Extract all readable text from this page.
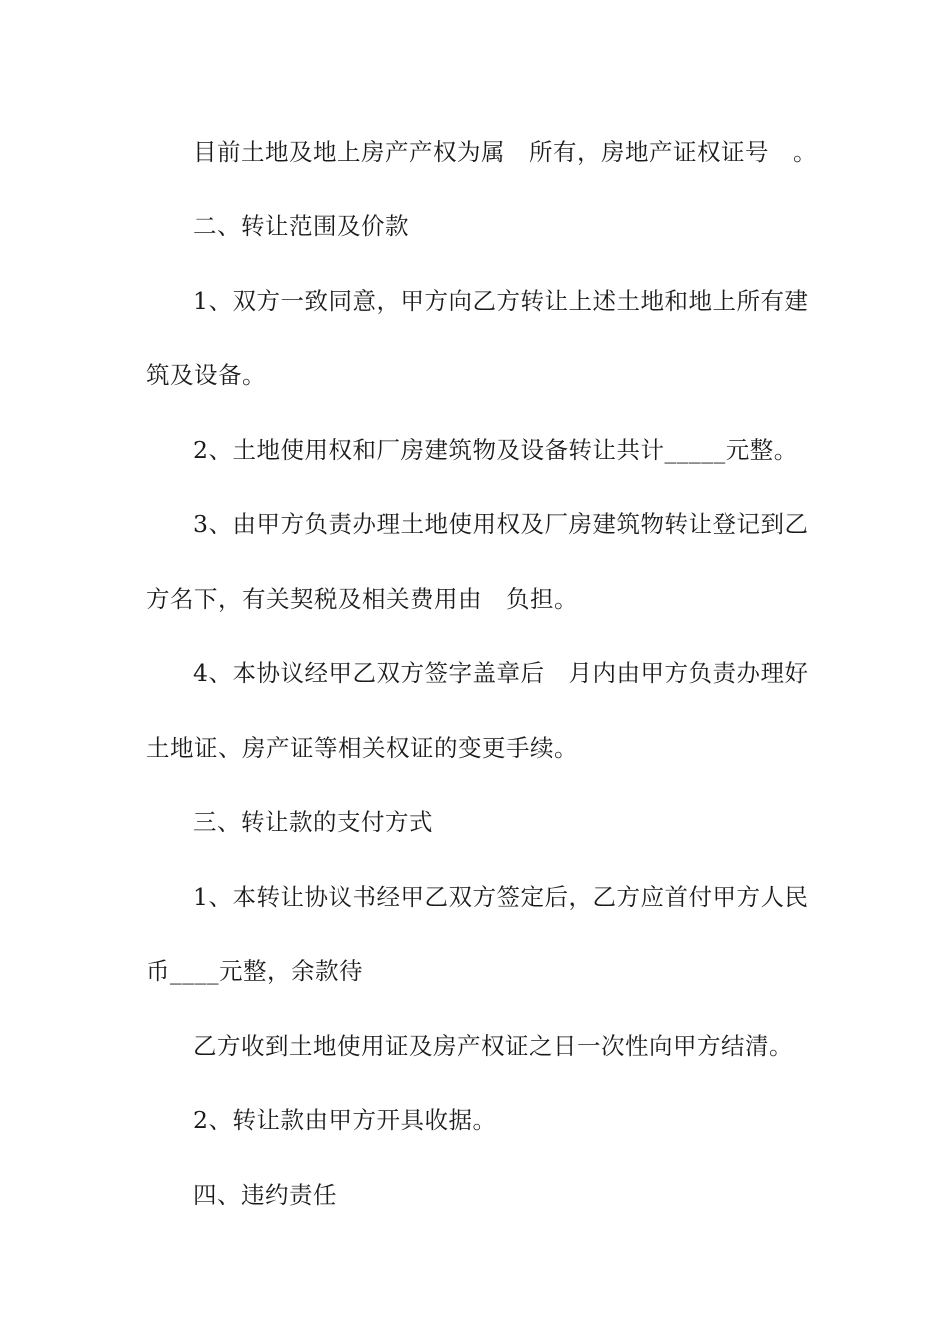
目前土地及地上房产产权为属　所有，房地产证权证号　。
二、转让范围及价款
1、双方一致同意，甲方向乙方转让上述土地和地上所有建
筑及设备。
2、土地使用权和厂房建筑物及设备转让共计_____元整。
3、由甲方负责办理土地使用权及厂房建筑物转让登记到乙
方名下，有关契税及相关费用由　负担。
4、本协议经甲乙双方签字盖章后　月内由甲方负责办理好
土地证、房产证等相关权证的变更手续。
三、转让款的支付方式
1、本转让协议书经甲乙双方签定后，乙方应首付甲方人民
币____元整，余款待
乙方收到土地使用证及房产权证之日一次性向甲方结清。
2、转让款由甲方开具收据。
四、违约责任
